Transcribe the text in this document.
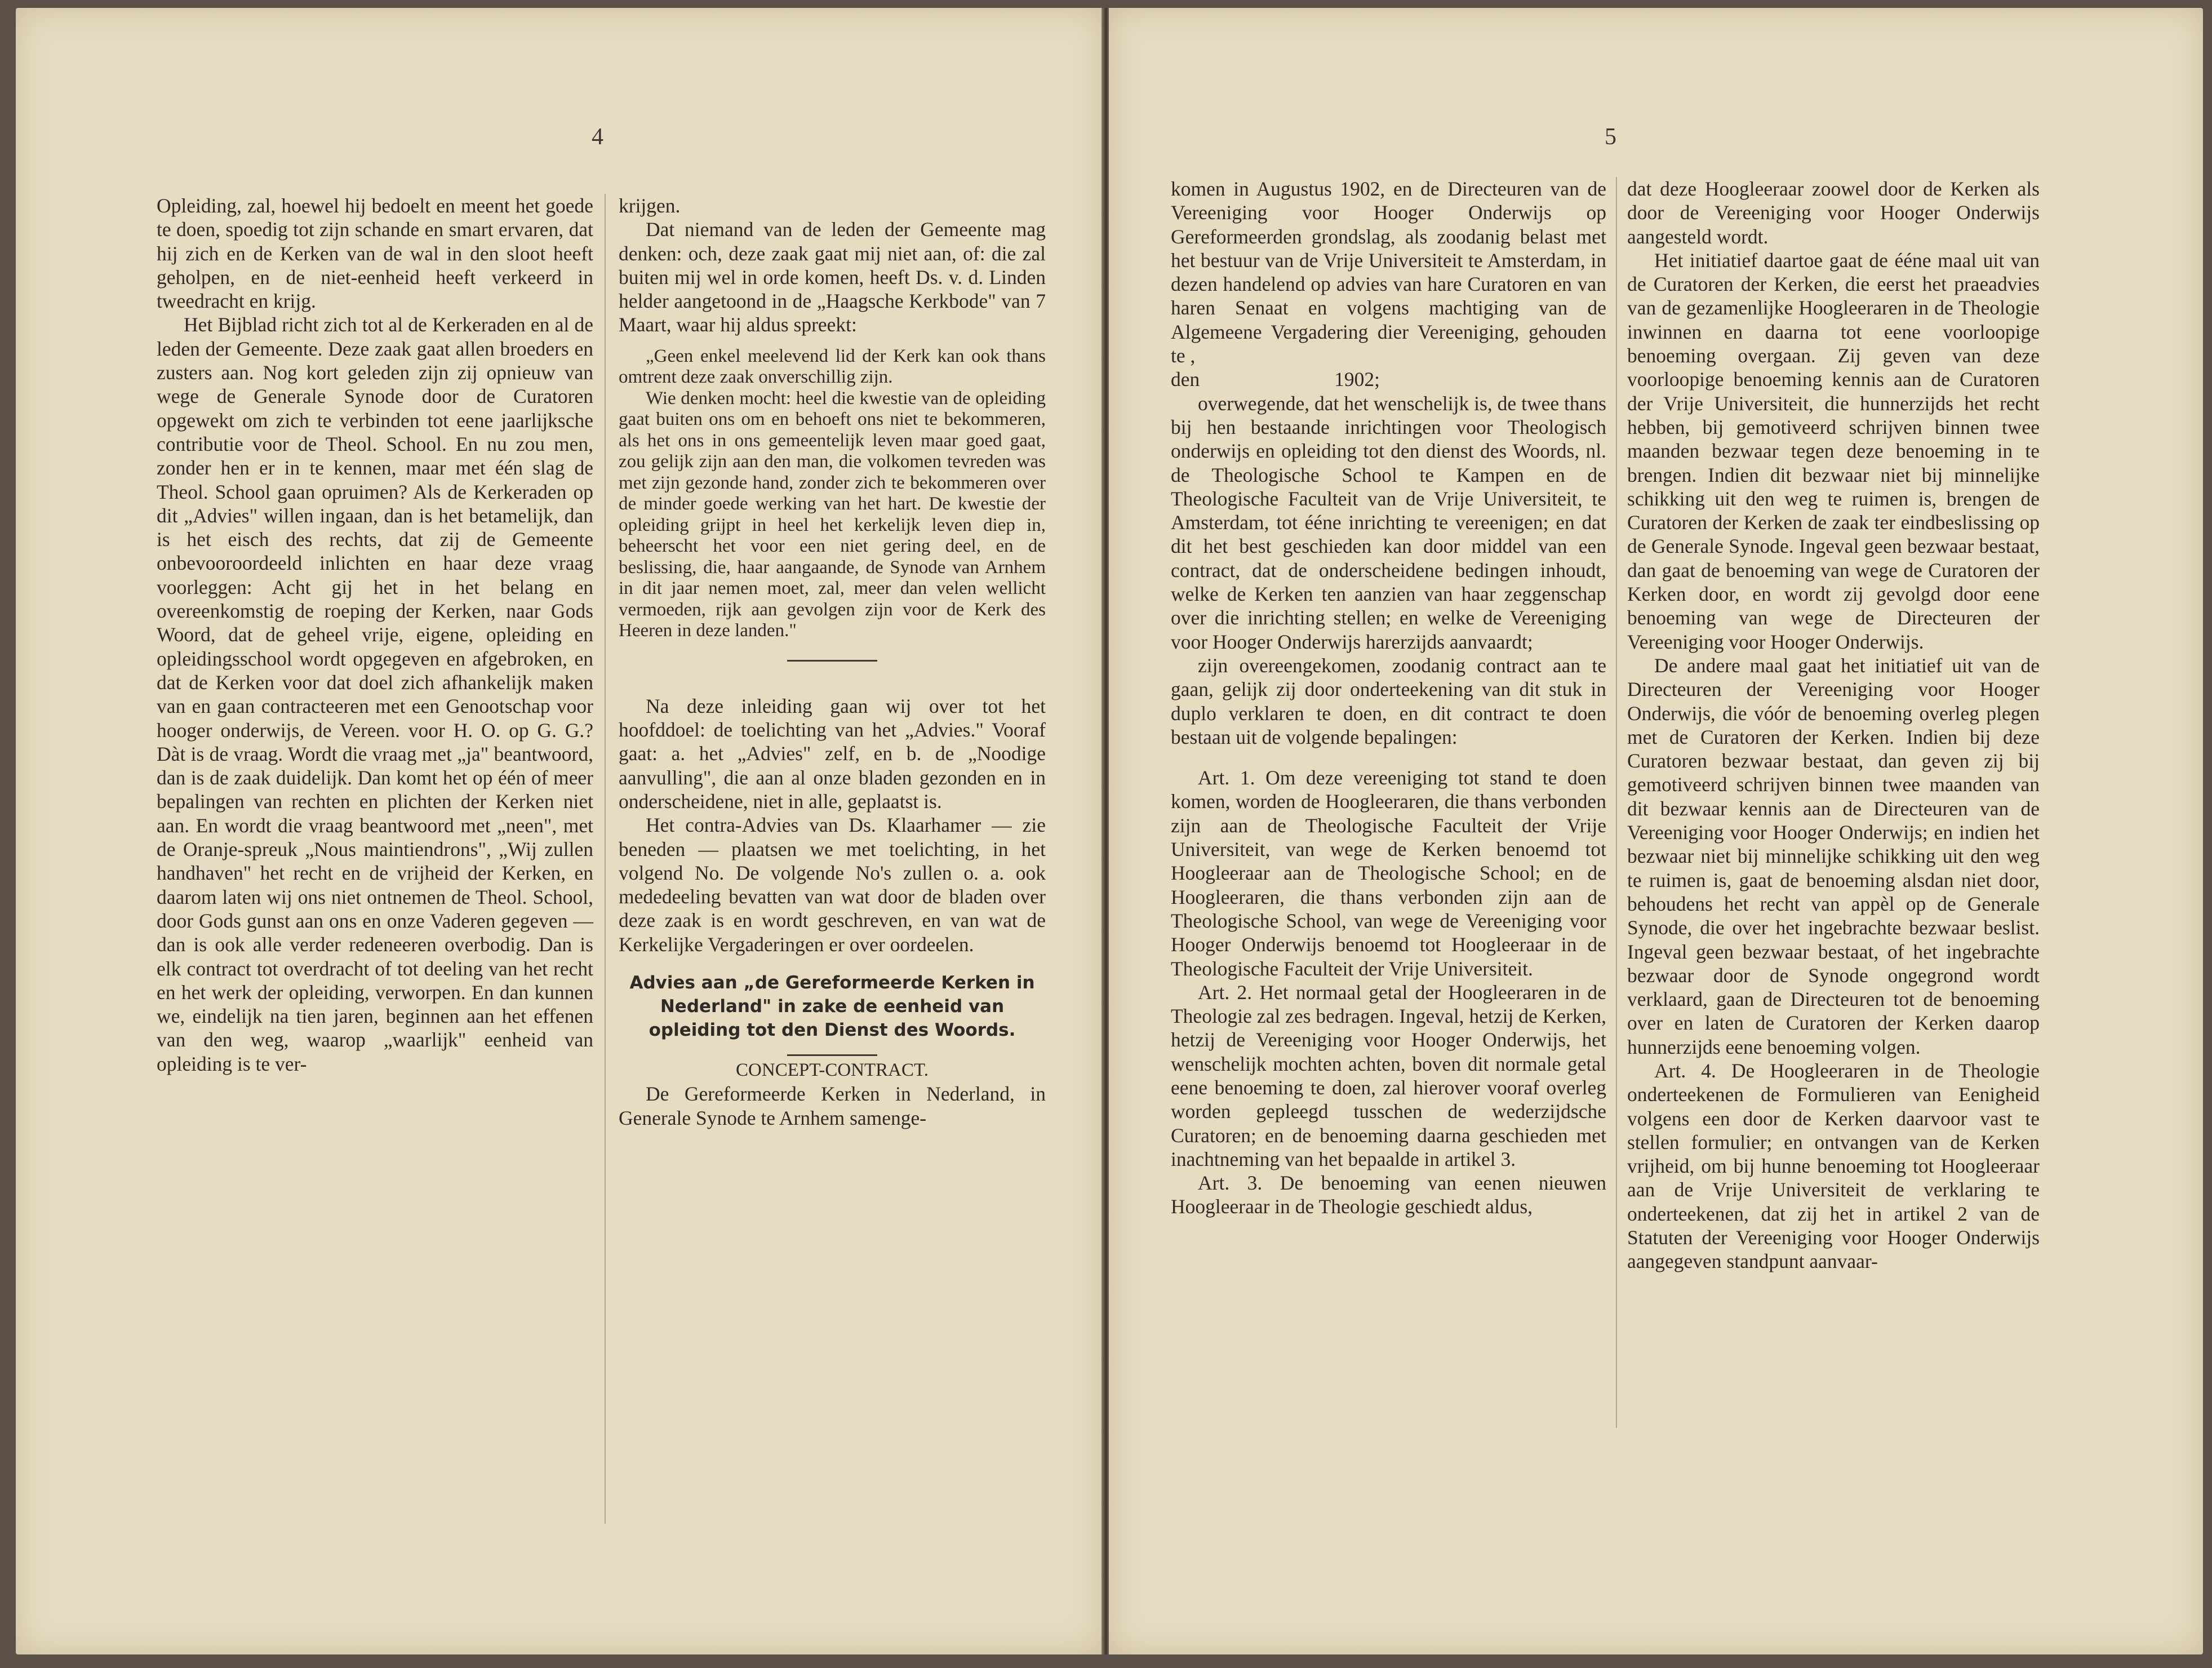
4

Opleiding, zal, hoewel hij bedoelt en meent het goede te doen, spoedig tot zijn schande en smart ervaren, dat hij zich en de Kerken van de wal in den sloot heeft geholpen, en de niet-eenheid heeft verkeerd in tweedracht en krijg.

Het Bijblad richt zich tot al de Kerkeraden en al de leden der Gemeente. Deze zaak gaat allen broeders en zusters aan. Nog kort geleden zijn zij opnieuw van wege de Generale Synode door de Curatoren opgewekt om zich te verbinden tot eene jaarlijksche contributie voor de Theol. School. En nu zou men, zonder hen er in te kennen, maar met één slag de Theol. School gaan opruimen? Als de Kerkeraden op dit „Advies" willen ingaan, dan is het betamelijk, dan is het eisch des rechts, dat zij de Gemeente onbevooroordeeld inlichten en haar deze vraag voorleggen: Acht gij het in het belang en overeenkomstig de roeping der Kerken, naar Gods Woord, dat de geheel vrije, eigene, opleiding en opleidingsschool wordt opgegeven en afgebroken, en dat de Kerken voor dat doel zich afhankelijk maken van en gaan contracteeren met een Genootschap voor hooger onderwijs, de Vereen. voor H. O. op G. G.? Dàt is de vraag. Wordt die vraag met „ja" beantwoord, dan is de zaak duidelijk. Dan komt het op één of meer bepalingen van rechten en plichten der Kerken niet aan. En wordt die vraag beantwoord met „neen", met de Oranje-spreuk „Nous maintiendrons", „Wij zullen handhaven" het recht en de vrijheid der Kerken, en daarom laten wij ons niet ontnemen de Theol. School, door Gods gunst aan ons en onze Vaderen gegeven — dan is ook alle verder redeneeren overbodig. Dan is elk contract tot overdracht of tot deeling van het recht en het werk der opleiding, verworpen. En dan kunnen we, eindelijk na tien jaren, beginnen aan het effenen van den weg, waarop „waarlijk" eenheid van opleiding is te ver-

krijgen.

Dat niemand van de leden der Gemeente mag denken: och, deze zaak gaat mij niet aan, of: die zal buiten mij wel in orde komen, heeft Ds. v. d. Linden helder aangetoond in de „Haagsche Kerkbode" van 7 Maart, waar hij aldus spreekt:

„Geen enkel meelevend lid der Kerk kan ook thans omtrent deze zaak onverschillig zijn.

Wie denken mocht: heel die kwestie van de opleiding gaat buiten ons om en behoeft ons niet te bekommeren, als het ons in ons gemeentelijk leven maar goed gaat, zou gelijk zijn aan den man, die volkomen tevreden was met zijn gezonde hand, zonder zich te bekommeren over de minder goede werking van het hart. De kwestie der opleiding grijpt in heel het kerkelijk leven diep in, beheerscht het voor een niet gering deel, en de beslissing, die, haar aangaande, de Synode van Arnhem in dit jaar nemen moet, zal, meer dan velen wellicht vermoeden, rijk aan gevolgen zijn voor de Kerk des Heeren in deze landen."

Na deze inleiding gaan wij over tot het hoofddoel: de toelichting van het „Advies." Vooraf gaat: a. het „Advies" zelf, en b. de „Noodige aanvulling", die aan al onze bladen gezonden en in onderscheidene, niet in alle, geplaatst is.

Het contra-Advies van Ds. Klaarhamer — zie beneden — plaatsen we met toelichting, in het volgend No. De volgende No's zullen o. a. ook mededeeling bevatten van wat door de bladen over deze zaak is en wordt geschreven, en van wat de Kerkelijke Vergaderingen er over oordeelen.

Advies aan „de Gereformeerde Kerken in Nederland" in zake de eenheid van opleiding tot den Dienst des Woords.

CONCEPT-CONTRACT.

De Gereformeerde Kerken in Nederland, in Generale Synode te Arnhem samenge-

5

komen in Augustus 1902, en de Directeuren van de Vereeniging voor Hooger Onderwijs op Gereformeerden grondslag, als zoodanig belast met het bestuur van de Vrije Universiteit te Amsterdam, in dezen handelend op advies van hare Curatoren en van haren Senaat en volgens machtiging van de Algemeene Vergadering dier Vereeniging, gehouden te ,

den 1902;

overwegende, dat het wenschelijk is, de twee thans bij hen bestaande inrichtingen voor Theologisch onderwijs en opleiding tot den dienst des Woords, nl. de Theologische School te Kampen en de Theologische Faculteit van de Vrije Universiteit, te Amsterdam, tot ééne inrichting te vereenigen; en dat dit het best geschieden kan door middel van een contract, dat de onderscheidene bedingen inhoudt, welke de Kerken ten aanzien van haar zeggenschap over die inrichting stellen; en welke de Vereeniging voor Hooger Onderwijs harerzijds aanvaardt;

zijn overeengekomen, zoodanig contract aan te gaan, gelijk zij door onderteekening van dit stuk in duplo verklaren te doen, en dit contract te doen bestaan uit de volgende bepalingen:

Art. 1. Om deze vereeniging tot stand te doen komen, worden de Hoogleeraren, die thans verbonden zijn aan de Theologische Faculteit der Vrije Universiteit, van wege de Kerken benoemd tot Hoogleeraar aan de Theologische School; en de Hoogleeraren, die thans verbonden zijn aan de Theologische School, van wege de Vereeniging voor Hooger Onderwijs benoemd tot Hoogleeraar in de Theologische Faculteit der Vrije Universiteit.

Art. 2. Het normaal getal der Hoogleeraren in de Theologie zal zes bedragen. Ingeval, hetzij de Kerken, hetzij de Vereeniging voor Hooger Onderwijs, het wenschelijk mochten achten, boven dit normale getal eene benoeming te doen, zal hierover vooraf overleg worden gepleegd tusschen de wederzijdsche Curatoren; en de benoeming daarna geschieden met inachtneming van het bepaalde in artikel 3.

Art. 3. De benoeming van eenen nieuwen Hoogleeraar in de Theologie geschiedt aldus,

dat deze Hoogleeraar zoowel door de Kerken als door de Vereeniging voor Hooger Onderwijs aangesteld wordt.

Het initiatief daartoe gaat de ééne maal uit van de Curatoren der Kerken, die eerst het praeadvies van de gezamenlijke Hoogleeraren in de Theologie inwinnen en daarna tot eene voorloopige benoeming overgaan. Zij geven van deze voorloopige benoeming kennis aan de Curatoren der Vrije Universiteit, die hunnerzijds het recht hebben, bij gemotiveerd schrijven binnen twee maanden bezwaar tegen deze benoeming in te brengen. Indien dit bezwaar niet bij minnelijke schikking uit den weg te ruimen is, brengen de Curatoren der Kerken de zaak ter eindbeslissing op de Generale Synode. Ingeval geen bezwaar bestaat, dan gaat de benoeming van wege de Curatoren der Kerken door, en wordt zij gevolgd door eene benoeming van wege de Directeuren der Vereeniging voor Hooger Onderwijs.

De andere maal gaat het initiatief uit van de Directeuren der Vereeniging voor Hooger Onderwijs, die vóór de benoeming overleg plegen met de Curatoren der Kerken. Indien bij deze Curatoren bezwaar bestaat, dan geven zij bij gemotiveerd schrijven binnen twee maanden van dit bezwaar kennis aan de Directeuren van de Vereeniging voor Hooger Onderwijs; en indien het bezwaar niet bij minnelijke schikking uit den weg te ruimen is, gaat de benoeming alsdan niet door, behoudens het recht van appèl op de Generale Synode, die over het ingebrachte bezwaar beslist. Ingeval geen bezwaar bestaat, of het ingebrachte bezwaar door de Synode ongegrond wordt verklaard, gaan de Directeuren tot de benoeming over en laten de Curatoren der Kerken daarop hunnerzijds eene benoeming volgen.

Art. 4. De Hoogleeraren in de Theologie onderteekenen de Formulieren van Eenigheid volgens een door de Kerken daarvoor vast te stellen formulier; en ontvangen van de Kerken vrijheid, om bij hunne benoeming tot Hoogleeraar aan de Vrije Universiteit de verklaring te onderteekenen, dat zij het in artikel 2 van de Statuten der Vereeniging voor Hooger Onderwijs aangegeven standpunt aanvaar-
